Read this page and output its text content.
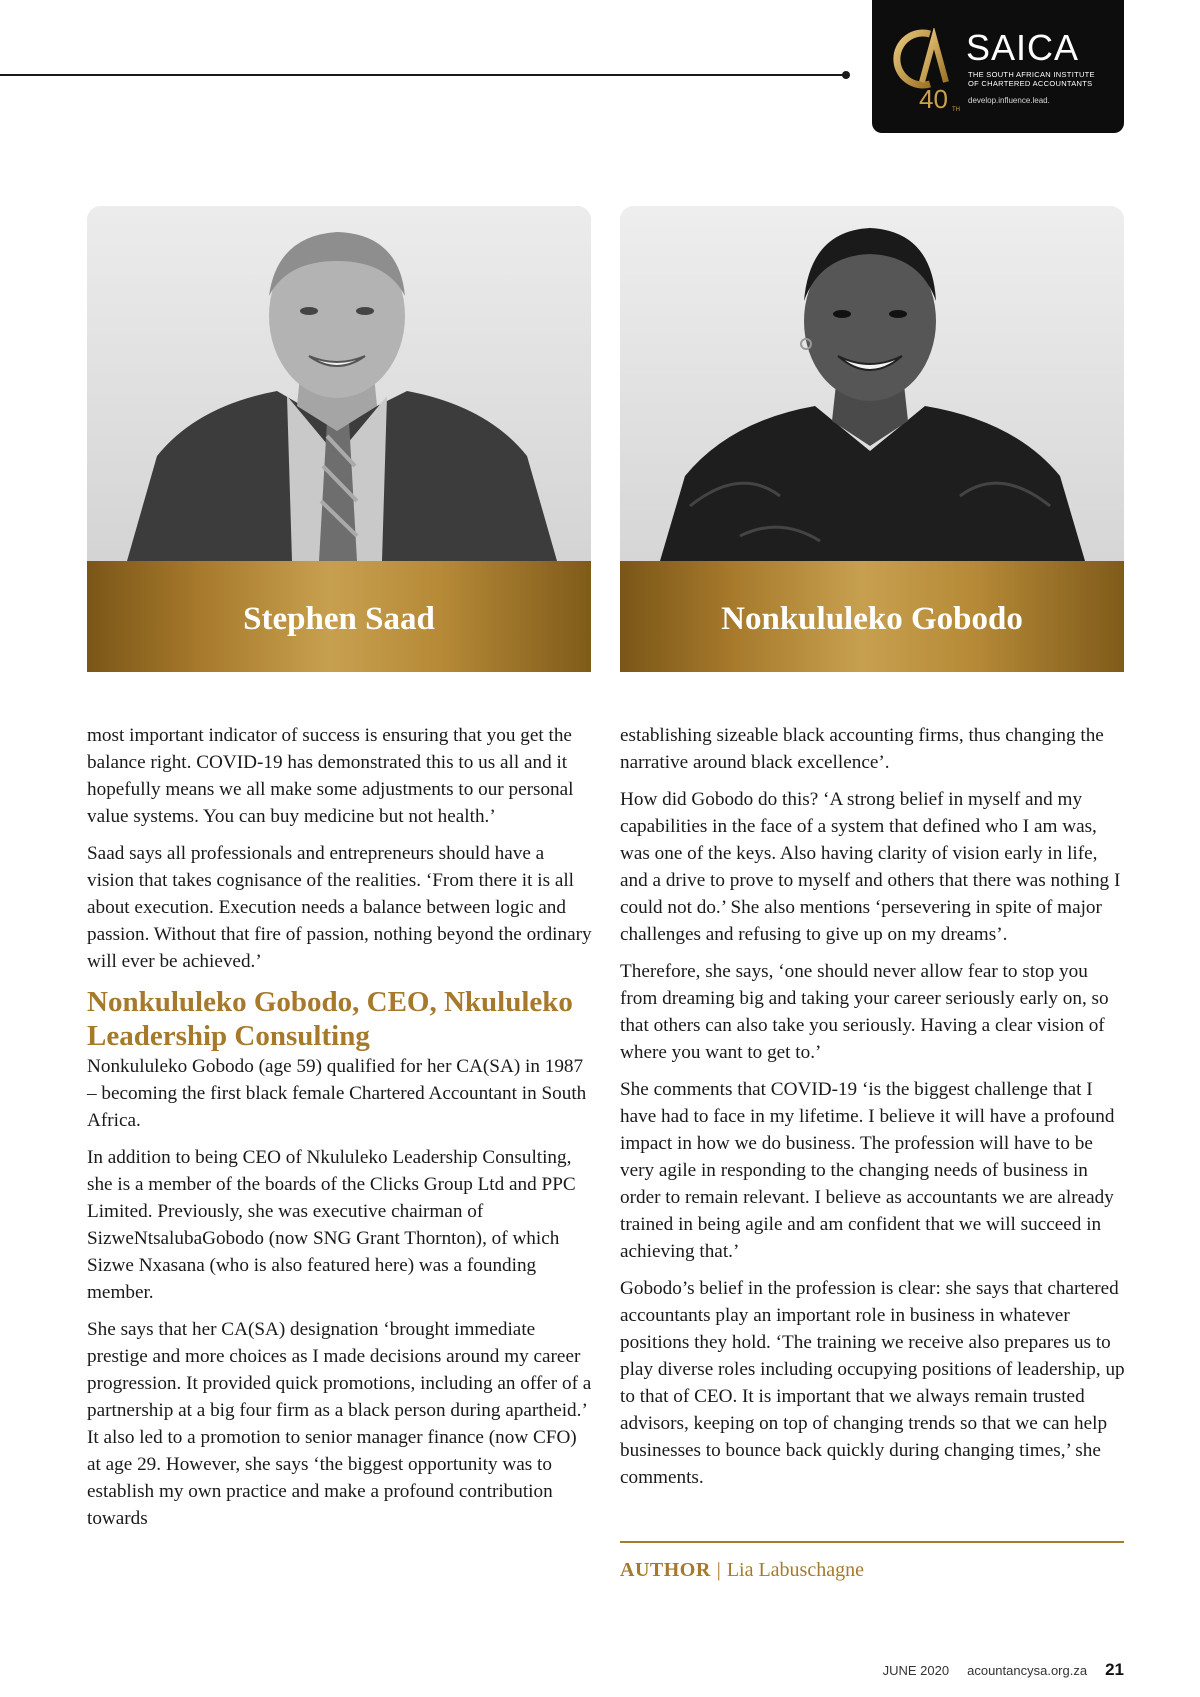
SAICA
THE SOUTH AFRICAN INSTITUTE OF CHARTERED ACCOUNTANTS
develop.influence.lead.
40 TH
Stephen Saad	Nonkululeko Gobodo

most important indicator of success is ensuring that you get the balance right. COVID-19 has demonstrated this to us all and it hopefully means we all make some adjustments to our personal value systems. You can buy medicine but not health.’

Saad says all professionals and entrepreneurs should have a vision that takes cognisance of the realities. ‘From there it is all about execution. Execution needs a balance between logic and passion. Without that fire of passion, nothing beyond the ordinary will ever be achieved.’

Nonkululeko Gobodo, CEO, Nkululeko Leadership Consulting

Nonkululeko Gobodo (age 59) qualified for her CA(SA) in 1987 – becoming the first black female Chartered Accountant in South Africa.

In addition to being CEO of Nkululeko Leadership Consulting, she is a member of the boards of the Clicks Group Ltd and PPC Limited. Previously, she was executive chairman of SizweNtsalubaGobodo (now SNG Grant Thornton), of which Sizwe Nxasana (who is also featured here) was a founding member.

She says that her CA(SA) designation ‘brought immediate prestige and more choices as I made decisions around my career progression. It provided quick promotions, including an offer of a partnership at a big four firm as a black person during apartheid.’ It also led to a promotion to senior manager finance (now CFO) at age 29. However, she says ‘the biggest opportunity was to establish my own practice and make a profound contribution towards

establishing sizeable black accounting firms, thus changing the narrative around black excellence’.

How did Gobodo do this? ‘A strong belief in myself and my capabilities in the face of a system that defined who I am was, was one of the keys. Also having clarity of vision early in life, and a drive to prove to myself and others that there was nothing I could not do.’ She also mentions ‘persevering in spite of major challenges and refusing to give up on my dreams’.

Therefore, she says, ‘one should never allow fear to stop you from dreaming big and taking your career seriously early on, so that others can also take you seriously. Having a clear vision of where you want to get to.’

She comments that COVID-19 ‘is the biggest challenge that I have had to face in my lifetime. I believe it will have a profound impact in how we do business. The profession will have to be very agile in responding to the changing needs of business in order to remain relevant. I believe as accountants we are already trained in being agile and am confident that we will succeed in achieving that.’

Gobodo’s belief in the profession is clear: she says that chartered accountants play an important role in business in whatever positions they hold. ‘The training we receive also prepares us to play diverse roles including occupying positions of leadership, up to that of CEO. It is important that we always remain trusted advisors, keeping on top of changing trends so that we can help businesses to bounce back quickly during changing times,’ she comments.

AUTHOR | Lia Labuschagne
JUNE 2020 acountancysa.org.za 21
